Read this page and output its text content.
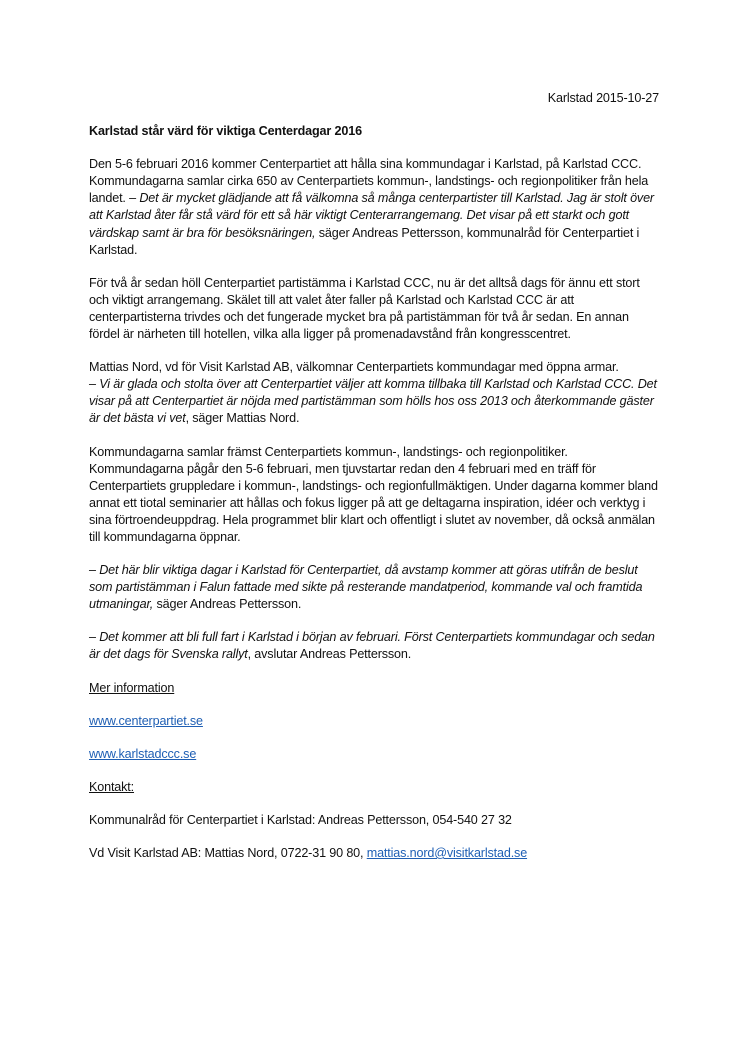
Karlstad 2015-10-27
Karlstad står värd för viktiga Centerdagar 2016

Den 5-6 februari 2016 kommer Centerpartiet att hålla sina kommundagar i Karlstad, på Karlstad CCC. Kommundagarna samlar cirka 650 av Centerpartiets kommun-, landstings- och regionpolitiker från hela landet. – Det är mycket glädjande att få välkomna så många centerpartister till Karlstad. Jag är stolt över att Karlstad åter får stå värd för ett så här viktigt Centerarrangemang. Det visar på ett starkt och gott värdskap samt är bra för besöksnäringen, säger Andreas Pettersson, kommunalråd för Centerpartiet i Karlstad.

För två år sedan höll Centerpartiet partistämma i Karlstad CCC, nu är det alltså dags för ännu ett stort och viktigt arrangemang. Skälet till att valet åter faller på Karlstad och Karlstad CCC är att centerpartisterna trivdes och det fungerade mycket bra på partistämman för två år sedan. En annan fördel är närheten till hotellen, vilka alla ligger på promenadavstånd från kongresscentret.

Mattias Nord, vd för Visit Karlstad AB, välkomnar Centerpartiets kommundagar med öppna armar.
– Vi är glada och stolta över att Centerpartiet väljer att komma tillbaka till Karlstad och Karlstad CCC. Det visar på att Centerpartiet är nöjda med partistämman som hölls hos oss 2013 och återkommande gäster är det bästa vi vet, säger Mattias Nord.

Kommundagarna samlar främst Centerpartiets kommun-, landstings- och regionpolitiker. Kommundagarna pågår den 5-6 februari, men tjuvstartar redan den 4 februari med en träff för Centerpartiets gruppledare i kommun-, landstings- och regionfullmäktigen. Under dagarna kommer bland annat ett tiotal seminarier att hållas och fokus ligger på att ge deltagarna inspiration, idéer och verktyg i sina förtroendeuppdrag. Hela programmet blir klart och offentligt i slutet av november, då också anmälan till kommundagarna öppnar.

– Det här blir viktiga dagar i Karlstad för Centerpartiet, då avstamp kommer att göras utifrån de beslut som partistämman i Falun fattade med sikte på resterande mandatperiod, kommande val och framtida utmaningar, säger Andreas Pettersson.

– Det kommer att bli full fart i Karlstad i början av februari. Först Centerpartiets kommundagar och sedan är det dags för Svenska rallyt, avslutar Andreas Pettersson.

Mer information

www.centerpartiet.se

www.karlstadccc.se

Kontakt:

Kommunalråd för Centerpartiet i Karlstad: Andreas Pettersson, 054-540 27 32

Vd Visit Karlstad AB: Mattias Nord, 0722-31 90 80, mattias.nord@visitkarlstad.se
